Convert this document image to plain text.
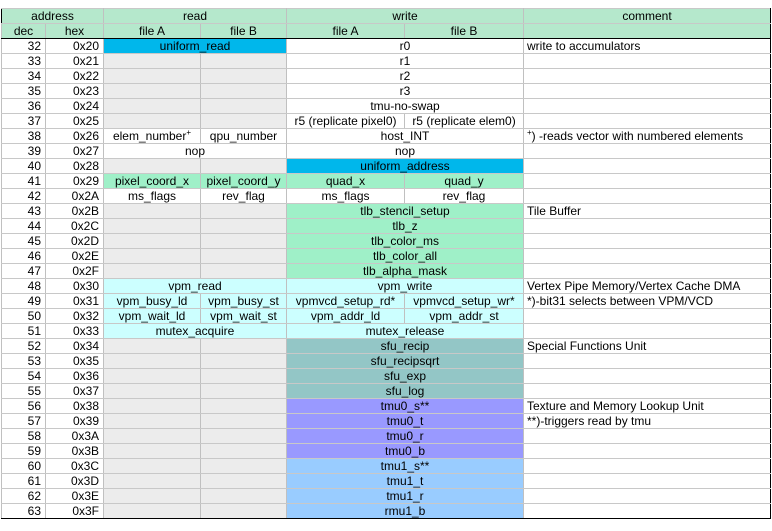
address		read		write		comment
dec	hex	file A	file B	file A	file B	
32	0x20	uniform_read		r0		write to accumulators
33	0x21			r1		
34	0x22			r2		
35	0x23			r3		
36	0x24			tmu-no-swap		
37	0x25			r5 (replicate pixel0)	r5 (replicate elem0)	
38	0x26	elem_number+	qpu_number	host_INT		+) -reads vector with numbered elements
39	0x27	nop		nop		
40	0x28			uniform_address		
41	0x29	pixel_coord_x	pixel_coord_y	quad_x	quad_y	
42	0x2A	ms_flags	rev_flag	ms_flags	rev_flag	
43	0x2B			tlb_stencil_setup		Tile Buffer
44	0x2C			tlb_z		
45	0x2D			tlb_color_ms		
46	0x2E			tlb_color_all		
47	0x2F			tlb_alpha_mask		
48	0x30	vpm_read		vpm_write		Vertex Pipe Memory/Vertex Cache DMA
49	0x31	vpm_busy_ld	vpm_busy_st	vpmvcd_setup_rd*	vpmvcd_setup_wr*	*)-bit31 selects between VPM/VCD
50	0x32	vpm_wait_ld	vpm_wait_st	vpm_addr_ld	vpm_addr_st	
51	0x33	mutex_acquire		mutex_release		
52	0x34			sfu_recip		Special Functions Unit
53	0x35			sfu_recipsqrt		
54	0x36			sfu_exp		
55	0x37			sfu_log		
56	0x38			tmu0_s**		Texture and Memory Lookup Unit
57	0x39			tmu0_t		**)-triggers read by tmu
58	0x3A			tmu0_r		
59	0x3B			tmu0_b		
60	0x3C			tmu1_s**		
61	0x3D			tmu1_t		
62	0x3E			tmu1_r		
63	0x3F			rmu1_b		
